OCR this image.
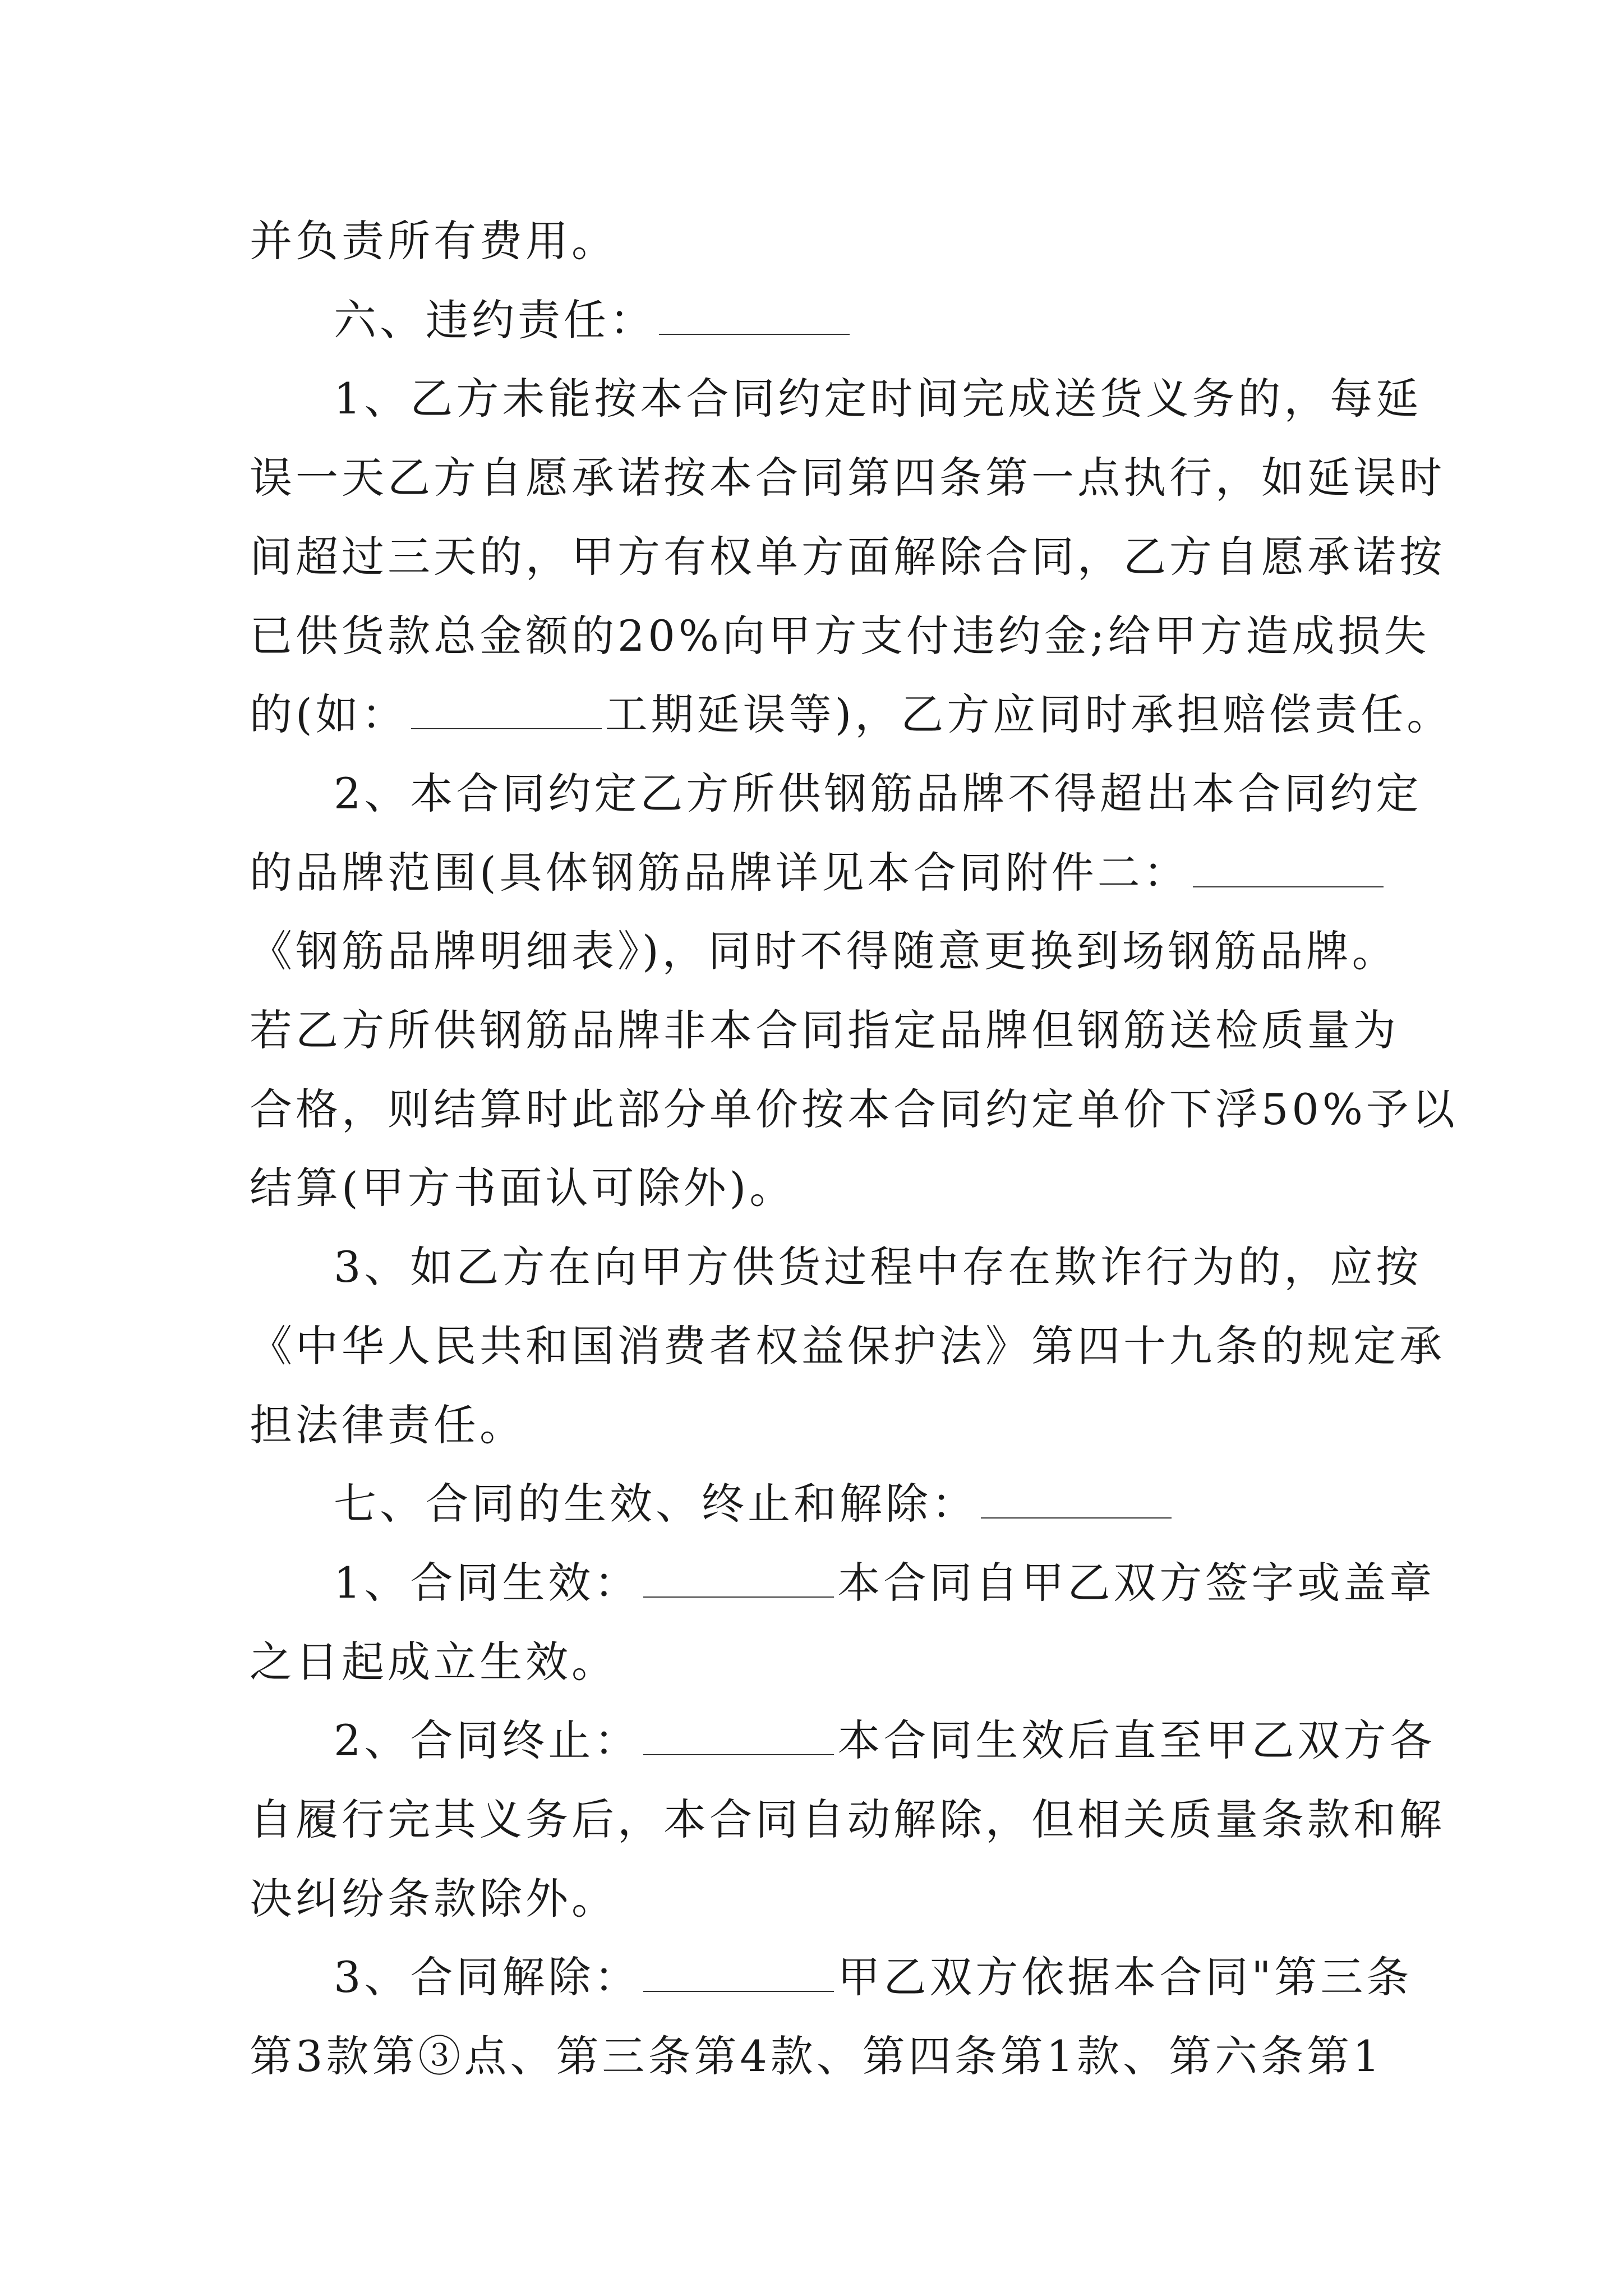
并负责所有费用。
六、违约责任：
1、乙方未能按本合同约定时间完成送货义务的，每延
误一天乙方自愿承诺按本合同第四条第一点执行，如延误时
间超过三天的，甲方有权单方面解除合同，乙方自愿承诺按
已供货款总金额的20%向甲方支付违约金;给甲方造成损失
的(如：	工期延误等)，乙方应同时承担赔偿责任。
2、本合同约定乙方所供钢筋品牌不得超出本合同约定
的品牌范围(具体钢筋品牌详见本合同附件二：
《钢筋品牌明细表》)，同时不得随意更换到场钢筋品牌。
若乙方所供钢筋品牌非本合同指定品牌但钢筋送检质量为
合格，则结算时此部分单价按本合同约定单价下浮50%予以
结算(甲方书面认可除外)。
3、如乙方在向甲方供货过程中存在欺诈行为的，应按
《中华人民共和国消费者权益保护法》第四十九条的规定承
担法律责任。
七、合同的生效、终止和解除：
1、合同生效：	本合同自甲乙双方签字或盖章
之日起成立生效。
2、合同终止：	本合同生效后直至甲乙双方各
自履行完其义务后，本合同自动解除，但相关质量条款和解
决纠纷条款除外。
3、合同解除：	甲乙双方依据本合同"第三条
第3款第③点、第三条第4款、第四条第1款、第六条第1
